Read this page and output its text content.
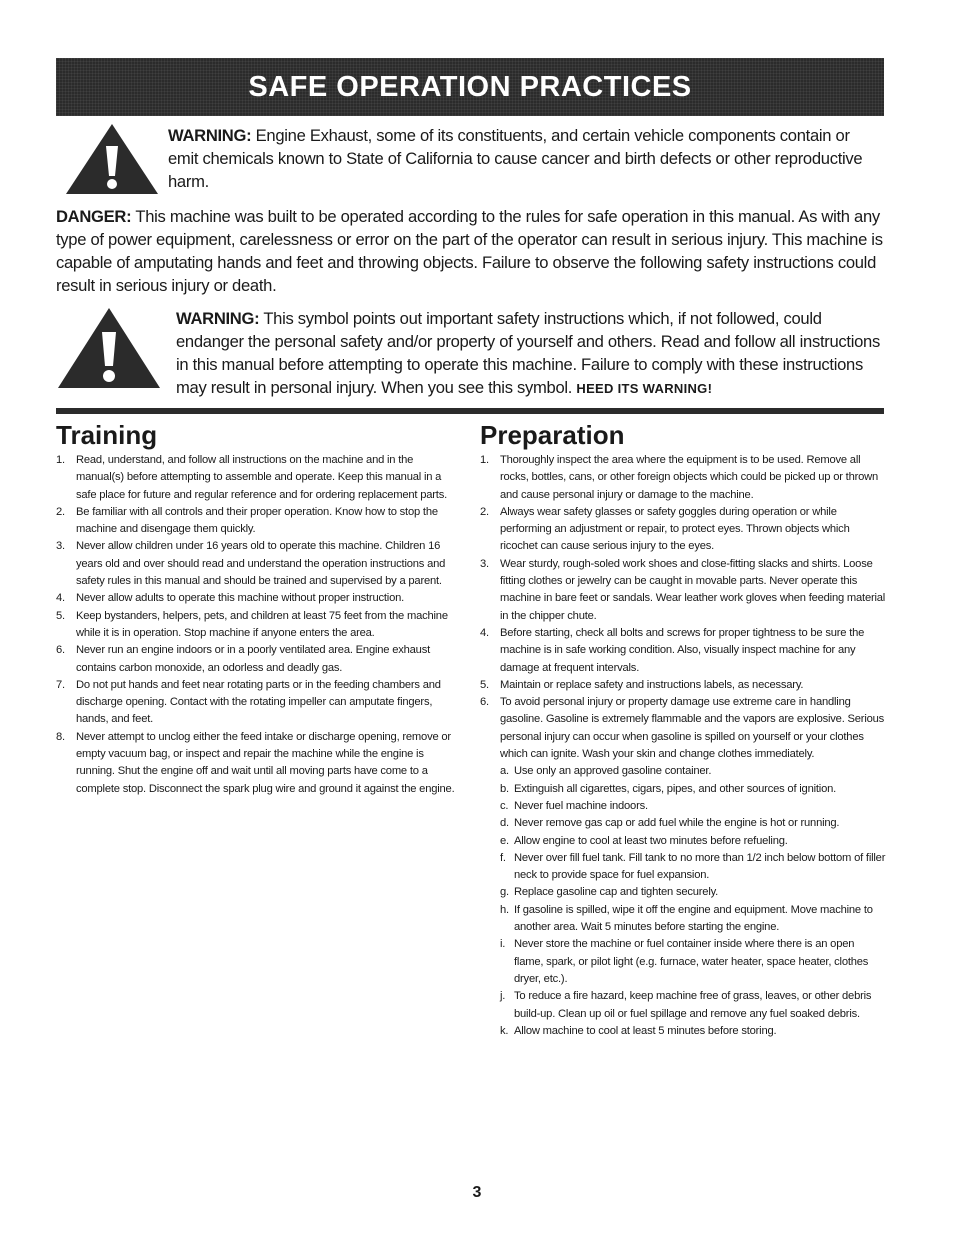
SAFE OPERATION PRACTICES
WARNING: Engine Exhaust, some of its constituents, and certain vehicle components contain or emit chemicals known to State of California to cause cancer and birth defects or other reproductive harm.
DANGER: This machine was built to be operated according to the rules for safe operation in this manual. As with any type of power equipment, carelessness or error on the part of the operator can result in serious injury. This machine is capable of amputating hands and feet and throwing objects. Failure to observe the following safety instructions could result in serious injury or death.
WARNING: This symbol points out important safety instructions which, if not followed, could endanger the personal safety and/or property of yourself and others. Read and follow all instructions in this manual before attempting to operate this machine. Failure to comply with these instructions may result in personal injury. When you see this symbol. HEED ITS WARNING!
Training
1. Read, understand, and follow all instructions on the machine and in the manual(s) before attempting to assemble and operate. Keep this manual in a safe place for future and regular reference and for ordering replacement parts.
2. Be familiar with all controls and their proper operation. Know how to stop the machine and disengage them quickly.
3. Never allow children under 16 years old to operate this machine. Children 16 years old and over should read and understand the operation instructions and safety rules in this manual and should be trained and supervised by a parent.
4. Never allow adults to operate this machine without proper instruction.
5. Keep bystanders, helpers, pets, and children at least 75 feet from the machine while it is in operation. Stop machine if anyone enters the area.
6. Never run an engine indoors or in a poorly ventilated area. Engine exhaust contains carbon monoxide, an odorless and deadly gas.
7. Do not put hands and feet near rotating parts or in the feeding chambers and discharge opening. Contact with the rotating impeller can amputate fingers, hands, and feet.
8. Never attempt to unclog either the feed intake or discharge opening, remove or empty vacuum bag, or inspect and repair the machine while the engine is running. Shut the engine off and wait until all moving parts have come to a complete stop. Disconnect the spark plug wire and ground it against the engine.
Preparation
1. Thoroughly inspect the area where the equipment is to be used. Remove all rocks, bottles, cans, or other foreign objects which could be picked up or thrown and cause personal injury or damage to the machine.
2. Always wear safety glasses or safety goggles during operation or while performing an adjustment or repair, to protect eyes. Thrown objects which ricochet can cause serious injury to the eyes.
3. Wear sturdy, rough-soled work shoes and close-fitting slacks and shirts. Loose fitting clothes or jewelry can be caught in movable parts. Never operate this machine in bare feet or sandals. Wear leather work gloves when feeding material in the chipper chute.
4. Before starting, check all bolts and screws for proper tightness to be sure the machine is in safe working condition. Also, visually inspect machine for any damage at frequent intervals.
5. Maintain or replace safety and instructions labels, as necessary.
6. To avoid personal injury or property damage use extreme care in handling gasoline. Gasoline is extremely flammable and the vapors are explosive. Serious personal injury can occur when gasoline is spilled on yourself or your clothes which can ignite. Wash your skin and change clothes immediately.
a. Use only an approved gasoline container.
b. Extinguish all cigarettes, cigars, pipes, and other sources of ignition.
c. Never fuel machine indoors.
d. Never remove gas cap or add fuel while the engine is hot or running.
e. Allow engine to cool at least two minutes before refueling.
f. Never over fill fuel tank. Fill tank to no more than 1/2 inch below bottom of filler neck to provide space for fuel expansion.
g. Replace gasoline cap and tighten securely.
h. If gasoline is spilled, wipe it off the engine and equipment. Move machine to another area. Wait 5 minutes before starting the engine.
i. Never store the machine or fuel container inside where there is an open flame, spark, or pilot light (e.g. furnace, water heater, space heater, clothes dryer, etc.).
j. To reduce a fire hazard, keep machine free of grass, leaves, or other debris build-up. Clean up oil or fuel spillage and remove any fuel soaked debris.
k. Allow machine to cool at least 5 minutes before storing.
3
